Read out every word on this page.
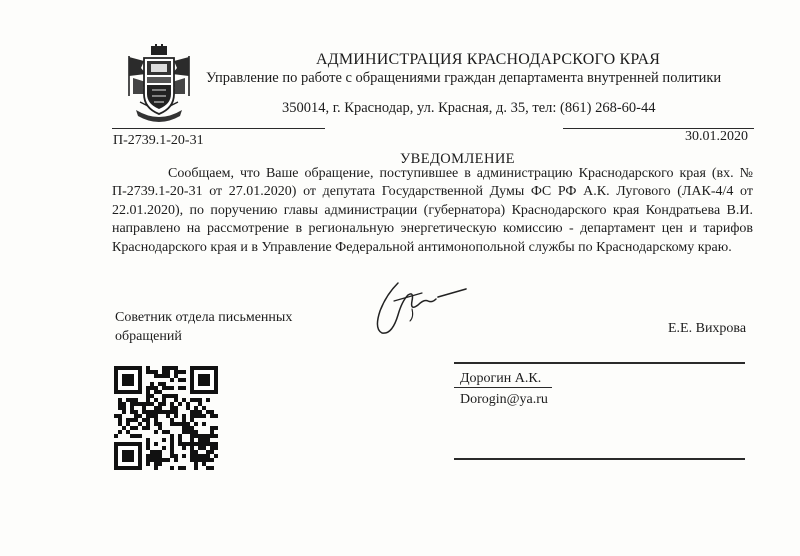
АДМИНИСТРАЦИЯ КРАСНОДАРСКОГО КРАЯ
Управление по работе с обращениями граждан департамента внутренней политики
350014, г. Краснодар, ул. Красная, д. 35, тел: (861) 268-60-44
П-2739.1-20-31	30.01.2020
УВЕДОМЛЕНИЕ
Сообщаем, что Ваше обращение, поступившее в администрацию Краснодарского края (вх. № П-2739.1-20-31 от 27.01.2020) от депутата Государственной Думы ФС РФ А.К. Лугового (ЛАК-4/4 от 22.01.2020), по поручению главы администрации (губернатора) Краснодарского края Кондратьева В.И. направлено на рассмотрение в региональную энергетическую комиссию - департамент цен и тарифов Краснодарского края и в Управление Федеральной антимонопольной службы по Краснодарскому краю.
Советник отдела письменных обращений	Е.Е. Вихрова
Дорогин А.К.
Dorogin@ya.ru
